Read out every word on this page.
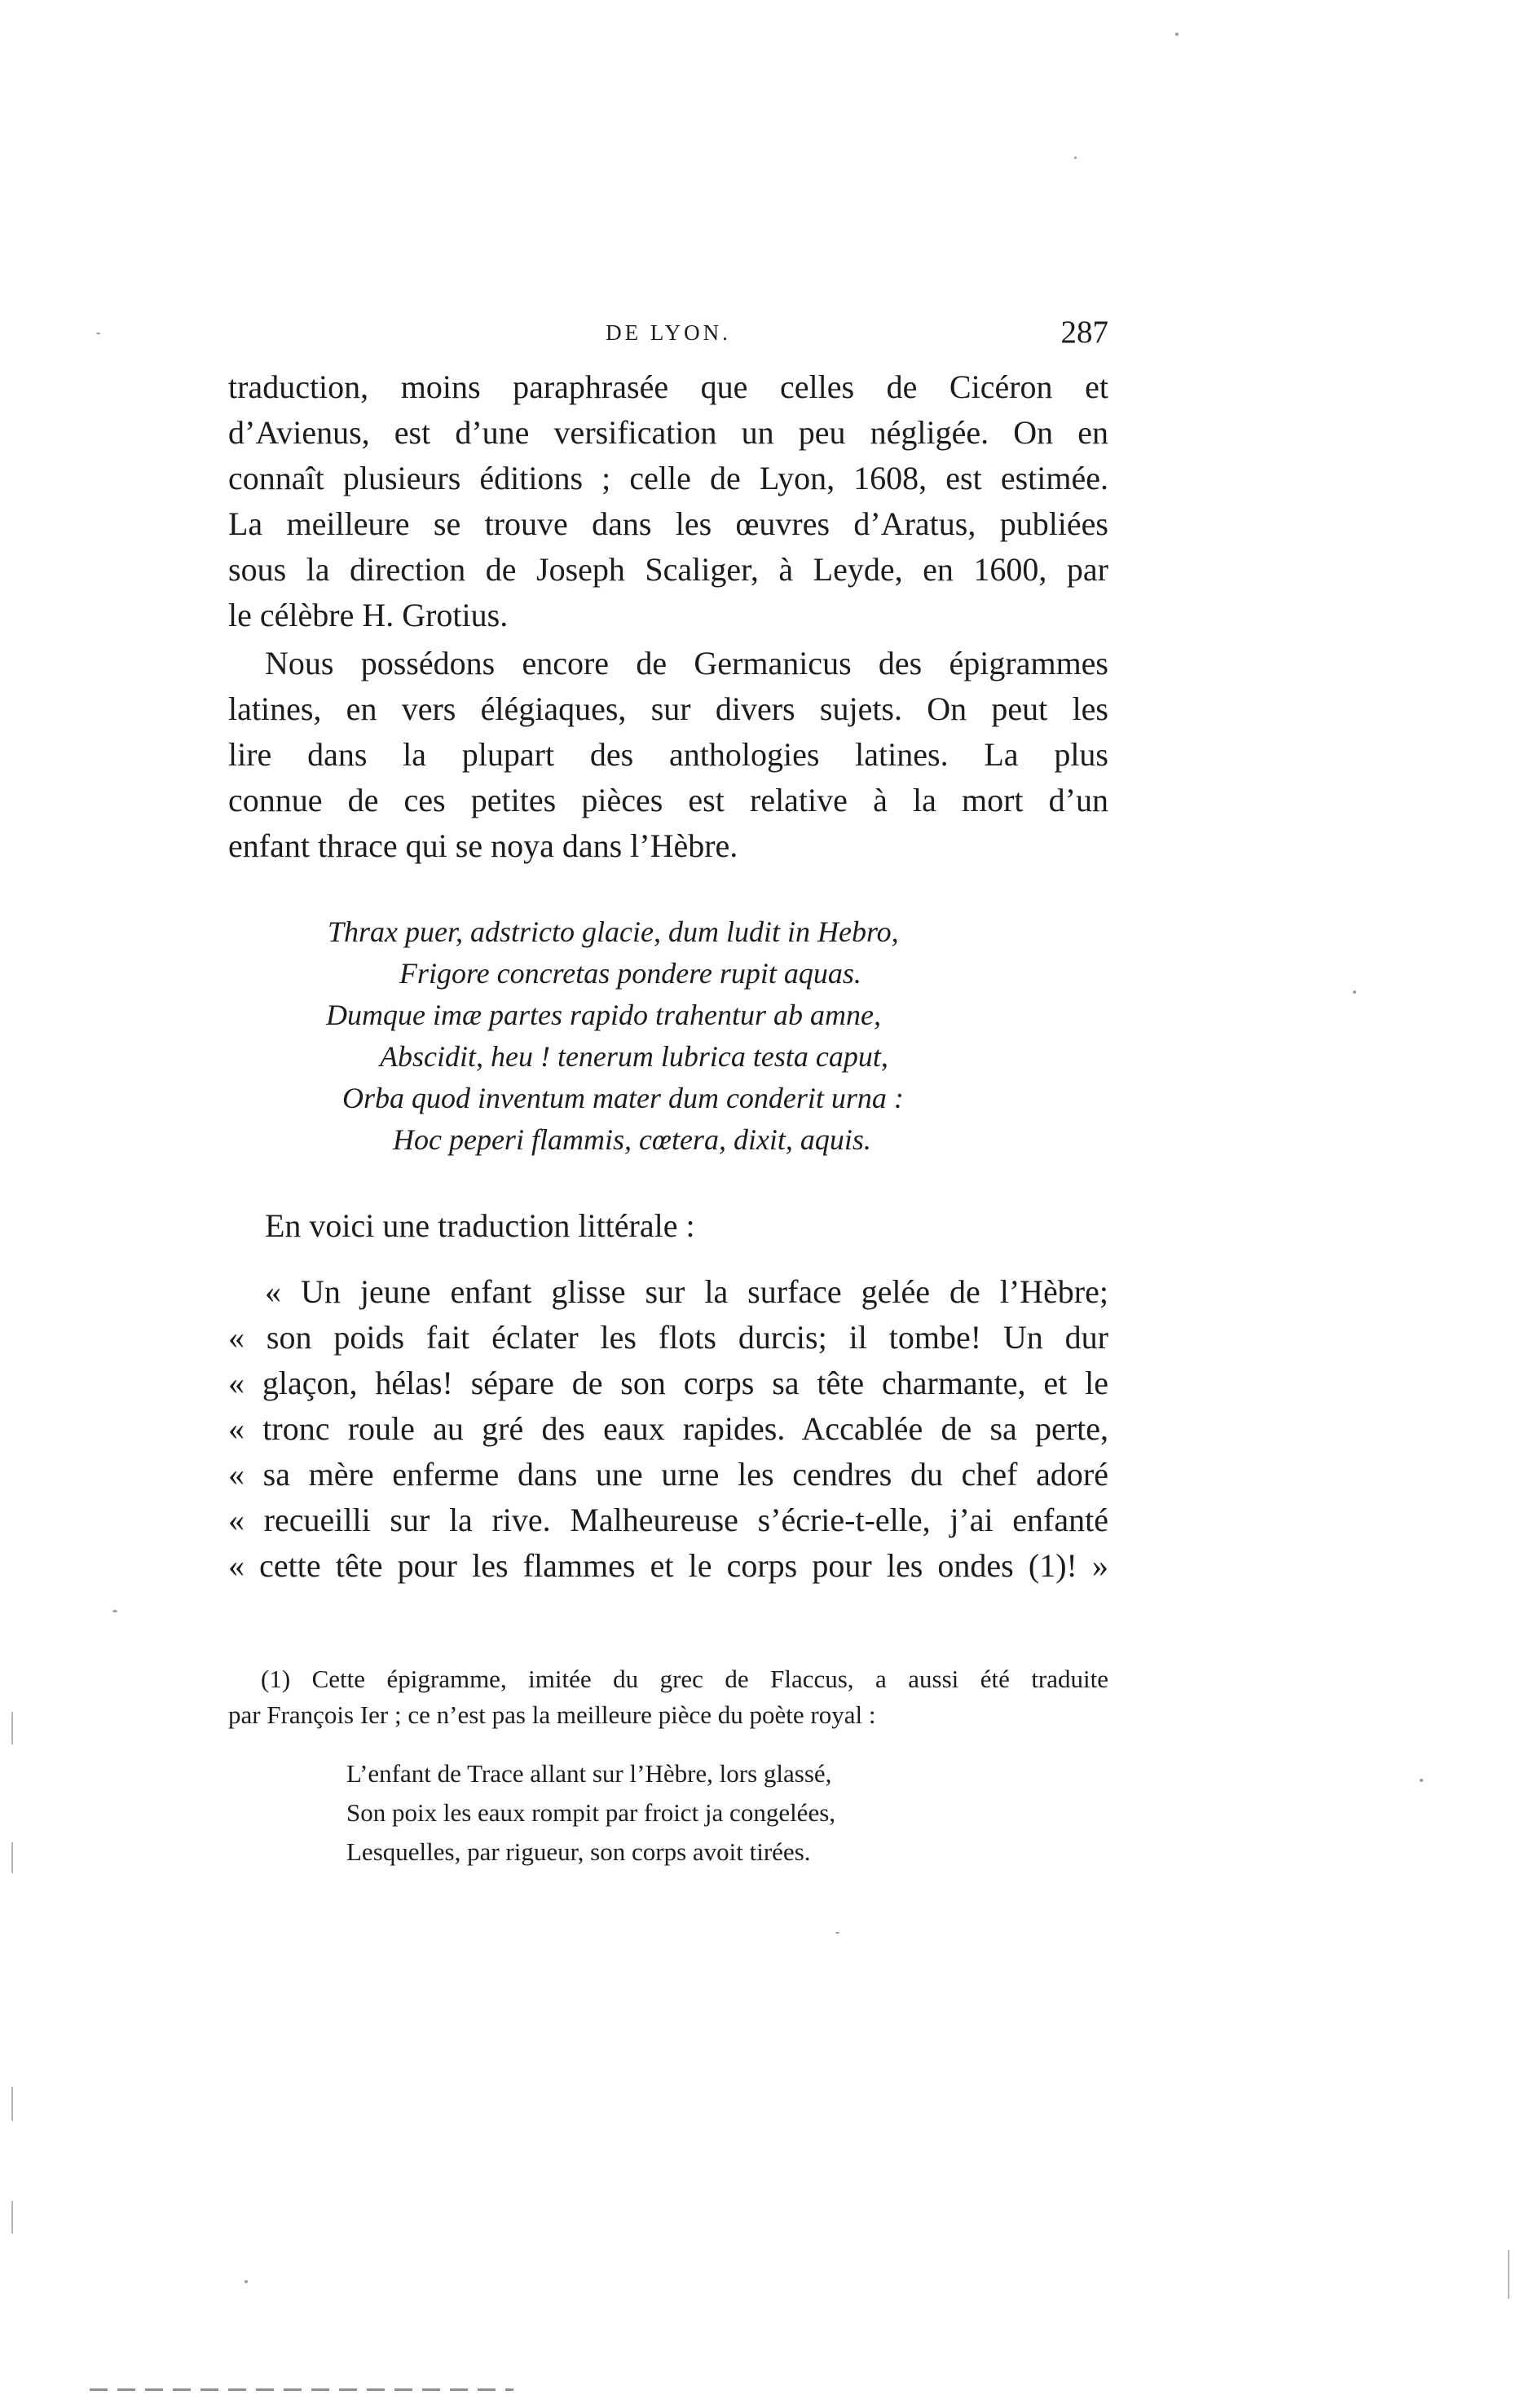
DE LYON.	287
traduction, moins paraphrasée que celles de Cicéron et
d’Avienus, est d’une versification un peu négligée. On en
connaît plusieurs éditions ; celle de Lyon, 1608, est estimée.
La meilleure se trouve dans les œuvres d’Aratus, publiées
sous la direction de Joseph Scaliger, à Leyde, en 1600, par
le célèbre H. Grotius.
Nous possédons encore de Germanicus des épigrammes
latines, en vers élégiaques, sur divers sujets. On peut les
lire dans la plupart des anthologies latines. La plus
connue de ces petites pièces est relative à la mort d’un
enfant thrace qui se noya dans l’Hèbre.
Thrax puer, adstricto glacie, dum ludit in Hebro,
Frigore concretas pondere rupit aquas.
Dumque imæ partes rapido trahentur ab amne,
Abscidit, heu ! tenerum lubrica testa caput,
Orba quod inventum mater dum conderit urna :
Hoc peperi flammis, cœtera, dixit, aquis.
En voici une traduction littérale :
« Un jeune enfant glisse sur la surface gelée de l’Hèbre;
« son poids fait éclater les flots durcis; il tombe! Un dur
« glaçon, hélas! sépare de son corps sa tête charmante, et le
« tronc roule au gré des eaux rapides. Accablée de sa perte,
« sa mère enferme dans une urne les cendres du chef adoré
« recueilli sur la rive. Malheureuse s’écrie-t-elle, j’ai enfanté
« cette tête pour les flammes et le corps pour les ondes (1)! »
(1) Cette épigramme, imitée du grec de Flaccus, a aussi été traduite
par François Ier ; ce n’est pas la meilleure pièce du poète royal :
L’enfant de Trace allant sur l’Hèbre, lors glassé,
Son poix les eaux rompit par froict ja congelées,
Lesquelles, par rigueur, son corps avoit tirées.
